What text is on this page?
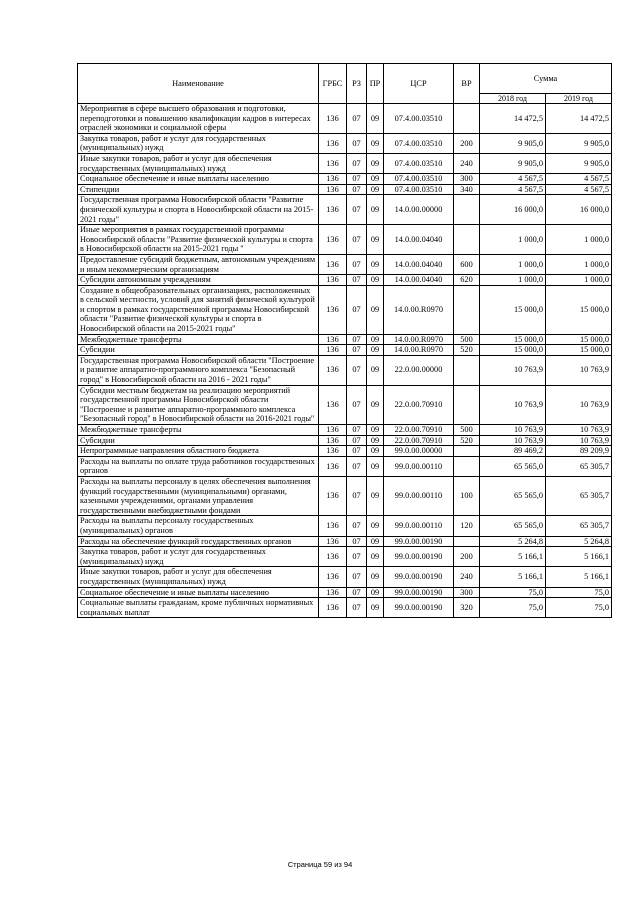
Наименование	ГРБС	РЗ	ПР	ЦСР	ВР	Сумма	
						2018 год	2019 год
Мероприятия в сфере высшего образования и подготовки, переподготовки и повышению квалификации кадров в интересах отраслей экономики и социальной сферы	136	07	09	07.4.00.03510		14 472,5	14 472,5
Закупка товаров, работ и услуг для государственных (муниципальных) нужд	136	07	09	07.4.00.03510	200	9 905,0	9 905,0
Иные закупки товаров, работ и услуг для обеспечения государственных (муниципальных) нужд	136	07	09	07.4.00.03510	240	9 905,0	9 905,0
Социальное обеспечение и иные выплаты населению	136	07	09	07.4.00.03510	300	4 567,5	4 567,5
Стипендии	136	07	09	07.4.00.03510	340	4 567,5	4 567,5
Государственная программа Новосибирской области "Развитие физической культуры и спорта в Новосибирской области на 2015-2021 годы"	136	07	09	14.0.00.00000		16 000,0	16 000,0
Иные мероприятия в рамках государственной программы Новосибирской области "Развитие физической культуры и спорта в Новосибирской области на 2015-2021 годы "	136	07	09	14.0.00.04040		1 000,0	1 000,0
Предоставление субсидий бюджетным, автономным учреждениям и иным некоммерческим организациям	136	07	09	14.0.00.04040	600	1 000,0	1 000,0
Субсидии автономным учреждениям	136	07	09	14.0.00.04040	620	1 000,0	1 000,0
Создание в общеобразовательных организациях, расположенных в сельской местности, условий для занятий физической культурой и спортом в рамках государственной программы Новосибирской области "Развитие физической культуры и спорта в Новосибирской области на 2015-2021 годы"	136	07	09	14.0.00.R0970		15 000,0	15 000,0
Межбюджетные трансферты	136	07	09	14.0.00.R0970	500	15 000,0	15 000,0
Субсидии	136	07	09	14.0.00.R0970	520	15 000,0	15 000,0
Государственная программа Новосибирской области "Построение и развитие аппаратно-программного комплекса "Безопасный город" в Новосибирской области на 2016 - 2021 годы"	136	07	09	22.0.00.00000		10 763,9	10 763,9
Субсидии местным бюджетам на реализацию мероприятий государственной программы Новосибирской области "Построение и развитие аппаратно-программного комплекса "Безопасный город" в Новосибирской области на 2016-2021 годы"	136	07	09	22.0.00.70910		10 763,9	10 763,9
Межбюджетные трансферты	136	07	09	22.0.00.70910	500	10 763,9	10 763,9
Субсидии	136	07	09	22.0.00.70910	520	10 763,9	10 763,9
Непрограммные направления областного бюджета	136	07	09	99.0.00.00000		89 469,2	89 209,9
Расходы на выплаты по оплате труда работников государственных органов	136	07	09	99.0.00.00110		65 565,0	65 305,7
Расходы на выплаты персоналу в целях обеспечения выполнения функций государственными (муниципальными) органами, казенными учреждениями, органами управления государственными внебюджетными фондами	136	07	09	99.0.00.00110	100	65 565,0	65 305,7
Расходы на выплаты персоналу государственных (муниципальных) органов	136	07	09	99.0.00.00110	120	65 565,0	65 305,7
Расходы на обеспечение функций государственных органов	136	07	09	99.0.00.00190		5 264,8	5 264,8
Закупка товаров, работ и услуг для государственных (муниципальных) нужд	136	07	09	99.0.00.00190	200	5 166,1	5 166,1
Иные закупки товаров, работ и услуг для обеспечения государственных (муниципальных) нужд	136	07	09	99.0.00.00190	240	5 166,1	5 166,1
Социальное обеспечение и иные выплаты населению	136	07	09	99.0.00.00190	300	75,0	75,0
Социальные выплаты гражданам, кроме публичных нормативных социальных выплат	136	07	09	99.0.00.00190	320	75,0	75,0
Страница 59 из 94
